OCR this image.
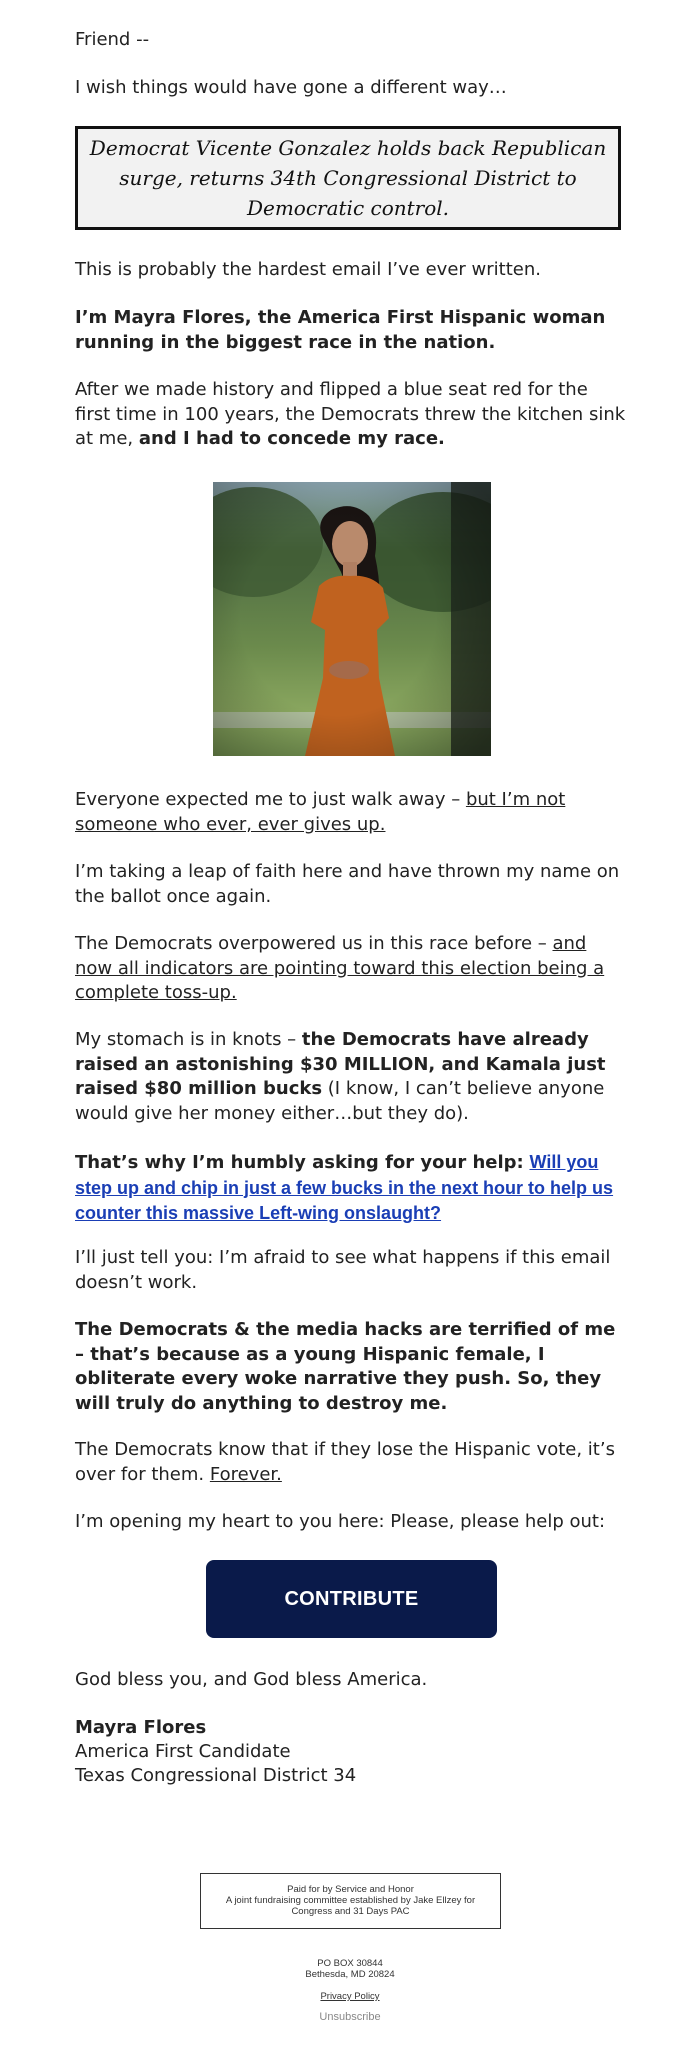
Friend --

I wish things would have gone a different way…

Democrat Vicente Gonzalez holds back Republican surge, returns 34th Congressional District to Democratic control.

This is probably the hardest email I’ve ever written.

I’m Mayra Flores, the America First Hispanic woman running in the biggest race in the nation.

After we made history and flipped a blue seat red for the first time in 100 years, the Democrats threw the kitchen sink at me, and I had to concede my race.

Everyone expected me to just walk away – but I’m not someone who ever, ever gives up.

I’m taking a leap of faith here and have thrown my name on the ballot once again.

The Democrats overpowered us in this race before – and now all indicators are pointing toward this election being a complete toss-up.

My stomach is in knots – the Democrats have already raised an astonishing $30 MILLION, and Kamala just raised $80 million bucks (I know, I can’t believe anyone would give her money either…but they do).

That’s why I’m humbly asking for your help: Will you step up and chip in just a few bucks in the next hour to help us counter this massive Left-wing onslaught?

I’ll just tell you: I’m afraid to see what happens if this email doesn’t work.

The Democrats & the media hacks are terrified of me – that’s because as a young Hispanic female, I obliterate every woke narrative they push. So, they will truly do anything to destroy me.

The Democrats know that if they lose the Hispanic vote, it’s over for them. Forever.

I’m opening my heart to you here: Please, please help out:

CONTRIBUTE

God bless you, and God bless America.

Mayra Flores

America First Candidate

Texas Congressional District 34

Paid for by Service and Honor
A joint fundraising committee established by Jake Ellzey for Congress and 31 Days PAC
PO BOX 30844
Bethesda, MD 20824
Privacy Policy
Unsubscribe
